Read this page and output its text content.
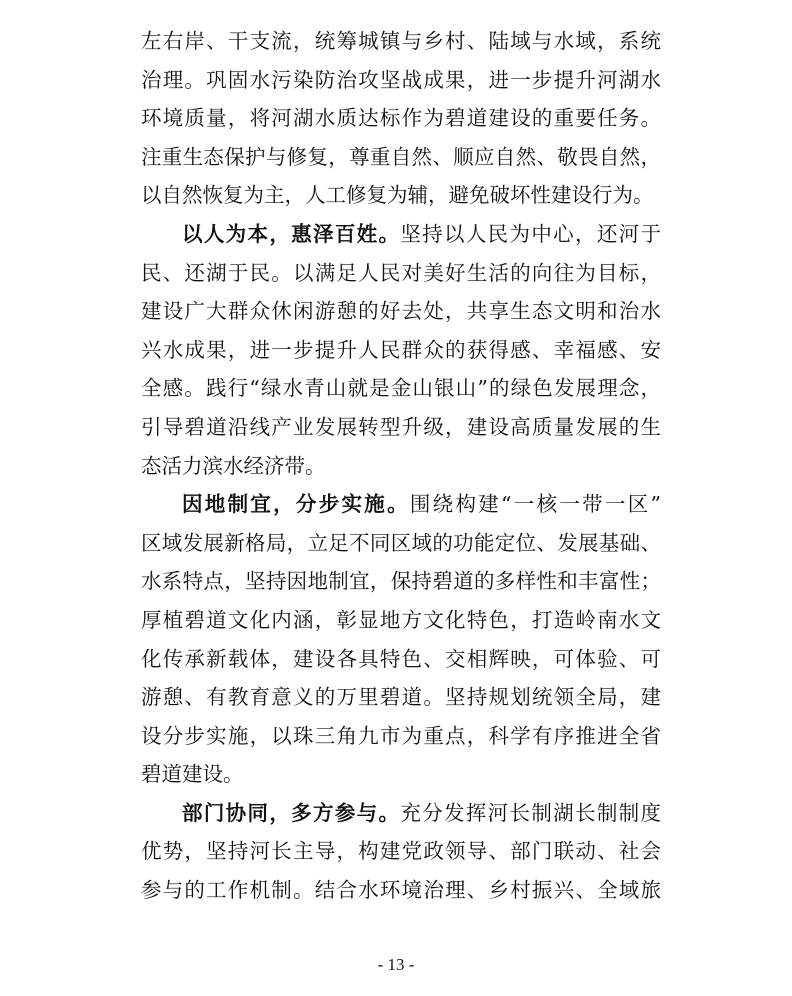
左右岸、干支流，统筹城镇与乡村、陆域与水域，系统
治理。巩固水污染防治攻坚战成果，进一步提升河湖水
环境质量，将河湖水质达标作为碧道建设的重要任务。
注重生态保护与修复，尊重自然、顺应自然、敬畏自然，
以自然恢复为主，人工修复为辅，避免破坏性建设行为。
以人为本，惠泽百姓。坚持以人民为中心，还河于
民、还湖于民。以满足人民对美好生活的向往为目标，
建设广大群众休闲游憩的好去处，共享生态文明和治水
兴水成果，进一步提升人民群众的获得感、幸福感、安
全感。践行“绿水青山就是金山银山”的绿色发展理念，
引导碧道沿线产业发展转型升级，建设高质量发展的生
态活力滨水经济带。
因地制宜，分步实施。围绕构建“一核一带一区”
区域发展新格局，立足不同区域的功能定位、发展基础、
水系特点，坚持因地制宜，保持碧道的多样性和丰富性；
厚植碧道文化内涵，彰显地方文化特色，打造岭南水文
化传承新载体，建设各具特色、交相辉映，可体验、可
游憩、有教育意义的万里碧道。坚持规划统领全局，建
设分步实施，以珠三角九市为重点，科学有序推进全省
碧道建设。
部门协同，多方参与。充分发挥河长制湖长制制度
优势，坚持河长主导，构建党政领导、部门联动、社会
参与的工作机制。结合水环境治理、乡村振兴、全域旅
- 13 -
